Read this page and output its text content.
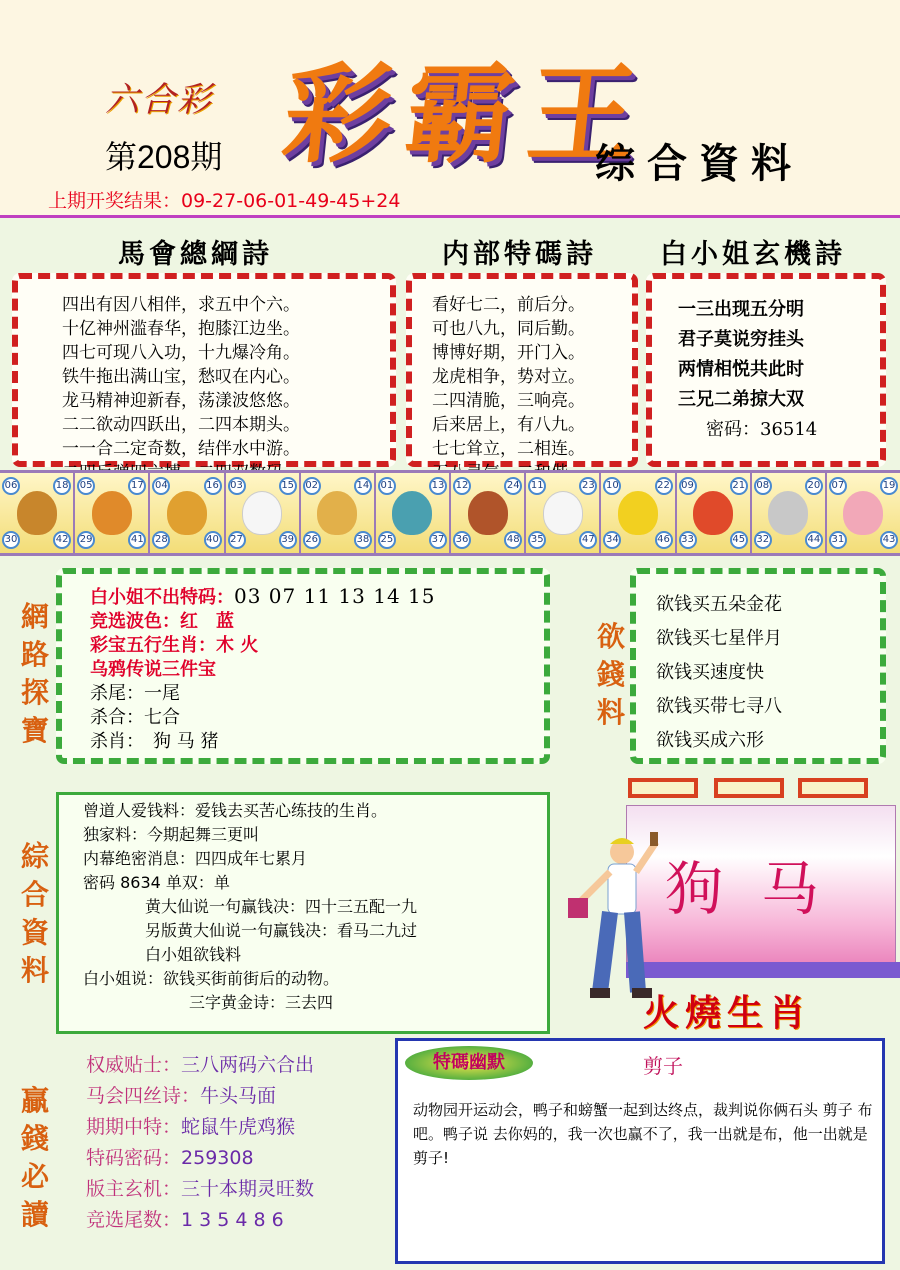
六合彩
第208期 彩霸王
综合資料
上期开奖结果：09-27-06-01-49-45+24
馬會總綱詩	内部特碼詩 白小姐玄機詩
四出有因八相伴，求五中个六。
十亿神州滥春华，抱膝江边坐。
四七可现八入功，十九爆冷角。
铁牛拖出满山宝，愁叹在内心。
龙马精神迎新春，荡漾波悠悠。
二二欲动四跃出，二四本期头。
一一合二定奇数，结伴水中游。
看好七二，前后分。
可也八九，同后勤。
博博好期，开门入。
龙虎相争，势对立。
二四清脆，三响亮。
后来居上，有八九。
七七耸立，二相连。
一三出现五分明
君子莫说穷挂头
两情相悦共此时
三兄二弟掠大双
密码：36514
06	18
30	42
05	17
29	41
04	16
28	40
03	15
27	39
02	14
26	38
01	13
25	37
12	24
36	48
11	23
35	47
10	22
34	46
09	21
33	45
08	20
32	44
07	19
31	43
網路探寶
白小姐不出特码：03 07 11 13 14 15
竞选波色：红　蓝
彩宝五行生肖：木 火
乌鸦传说三件宝
杀尾：一尾
杀合：七合
杀肖：　狗 马 猪
欲錢料
欲钱买五朵金花
欲钱买七星伴月
欲钱买速度快
欲钱买带七寻八
欲钱买成六形
綜合資料
曾道人爱钱料：爱钱去买苦心练技的生肖。
独家料：今期起舞三更叫
内幕绝密消息：四四成年七累月
密码 8634 单双：单
黄大仙说一句赢钱决：四十三五配一九
另版黄大仙说一句赢钱决：看马二九过
白小姐欲钱料
白小姐说：欲钱买街前街后的动物。
三字黄金诗：三去四
狗马
火燒生肖
贏錢必讀
权威贴士：三八两码六合出
马会四丝诗：牛头马面
期期中特：蛇鼠牛虎鸡猴
特码密码：259308
版主玄机：三十本期灵旺数
竞选尾数：1 3 5 4 8 6
特碼幽默	剪子
动物园开运动会，鸭子和螃蟹一起到达终点，裁判说你俩石头 剪子 布吧。鸭子说 去你妈的，我一次也赢不了，我一出就是布，他一出就是剪子!
